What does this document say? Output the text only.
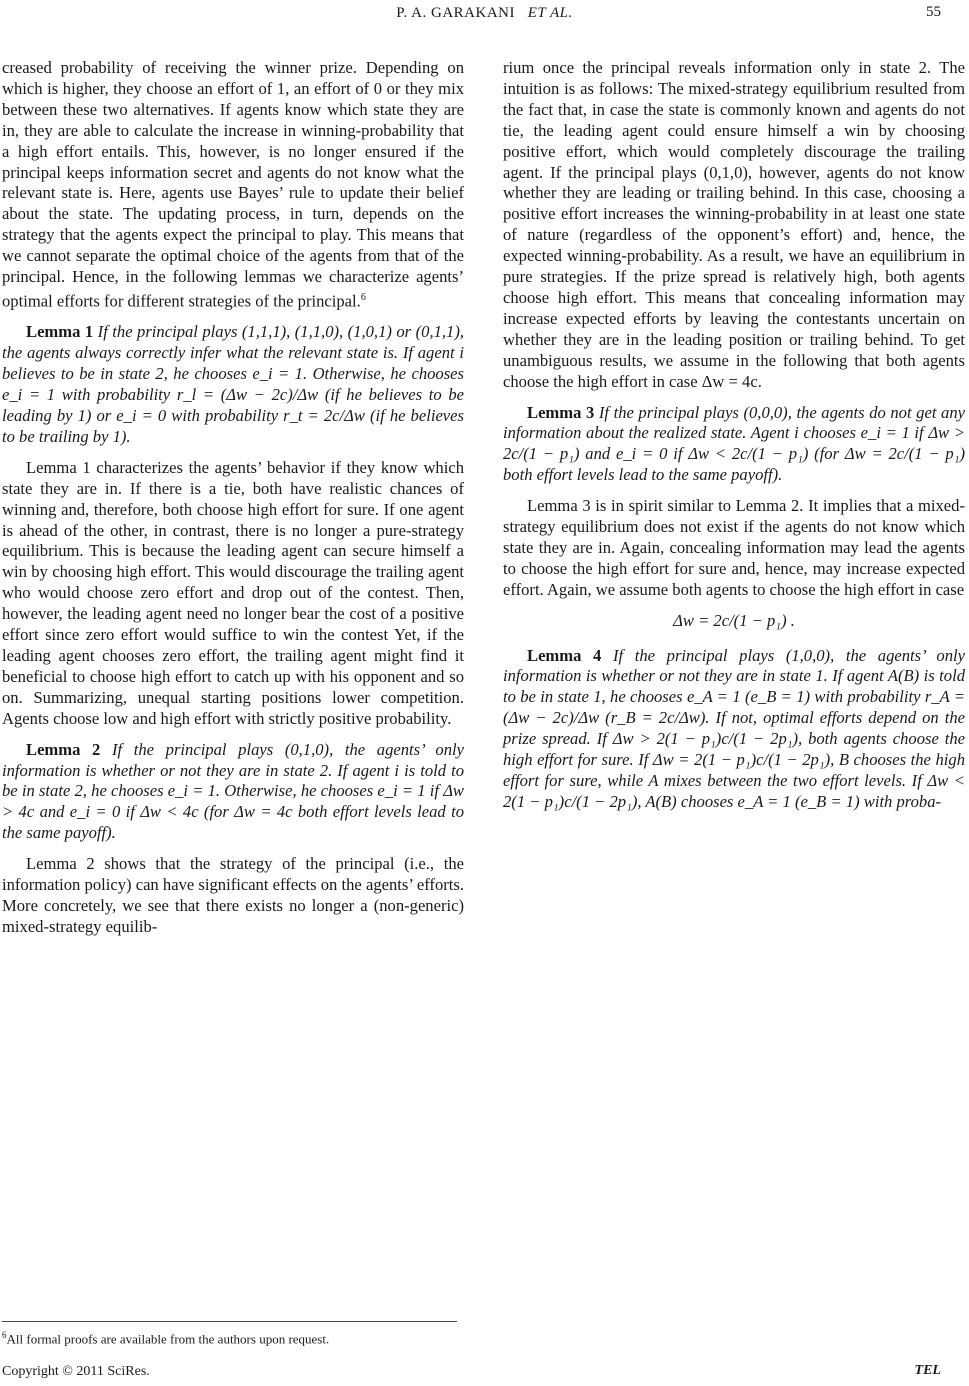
P. A. GARAKANI ET AL.	55

creased probability of receiving the winner prize. Depending on which is higher, they choose an effort of 1, an effort of 0 or they mix between these two alternatives. If agents know which state they are in, they are able to calculate the increase in winning-probability that a high effort entails. This, however, is no longer ensured if the principal keeps information secret and agents do not know what the relevant state is. Here, agents use Bayes’ rule to update their belief about the state. The updating process, in turn, depends on the strategy that the agents expect the principal to play. This means that we cannot separate the optimal choice of the agents from that of the principal. Hence, in the following lemmas we characterize agents’ optimal efforts for different strategies of the principal.$^6$

Lemma 1 If the principal plays (1,1,1), (1,1,0), (1,0,1) or (0,1,1), the agents always correctly infer what the relevant state is. If agent i believes to be in state 2, he chooses e_i = 1. Otherwise, he chooses e_i = 1 with probability r_l = (Δw − 2c)/Δw (if he believes to be leading by 1) or e_i = 0 with probability r_t = 2c/Δw (if he believes to be trailing by 1).

Lemma 1 characterizes the agents’ behavior if they know which state they are in. If there is a tie, both have realistic chances of winning and, therefore, both choose high effort for sure. If one agent is ahead of the other, in contrast, there is no longer a pure-strategy equilibrium. This is because the leading agent can secure himself a win by choosing high effort. This would discourage the trailing agent who would choose zero effort and drop out of the contest. Then, however, the leading agent need no longer bear the cost of a positive effort since zero effort would suffice to win the contest Yet, if the leading agent chooses zero effort, the trailing agent might find it beneficial to choose high effort to catch up with his opponent and so on. Summarizing, unequal starting positions lower competition. Agents choose low and high effort with strictly positive probability.

Lemma 2 If the principal plays (0,1,0), the agents’ only information is whether or not they are in state 2. If agent i is told to be in state 2, he chooses e_i = 1. Otherwise, he chooses e_i = 1 if Δw > 4c and e_i = 0 if Δw < 4c (for Δw = 4c both effort levels lead to the same payoff).

Lemma 2 shows that the strategy of the principal (i.e., the information policy) can have significant effects on the agents’ efforts. More concretely, we see that there exists no longer a (non-generic) mixed-strategy equilib-

rium once the principal reveals information only in state 2. The intuition is as follows: The mixed-strategy equilibrium resulted from the fact that, in case the state is commonly known and agents do not tie, the leading agent could ensure himself a win by choosing positive effort, which would completely discourage the trailing agent. If the principal plays (0,1,0), however, agents do not know whether they are leading or trailing behind. In this case, choosing a positive effort increases the winning-probability in at least one state of nature (regardless of the opponent’s effort) and, hence, the expected winning-probability. As a result, we have an equilibrium in pure strategies. If the prize spread is relatively high, both agents choose high effort. This means that concealing information may increase expected efforts by leaving the contestants uncertain on whether they are in the leading position or trailing behind. To get unambiguous results, we assume in the following that both agents choose the high effort in case Δw = 4c.

Lemma 3 If the principal plays (0,0,0), the agents do not get any information about the realized state. Agent i chooses e_i = 1 if Δw > 2c/(1 − p₁) and e_i = 0 if Δw < 2c/(1 − p₁) (for Δw = 2c/(1 − p₁) both effort levels lead to the same payoff).

Lemma 3 is in spirit similar to Lemma 2. It implies that a mixed-strategy equilibrium does not exist if the agents do not know which state they are in. Again, concealing information may lead the agents to choose the high effort for sure and, hence, may increase expected effort. Again, we assume both agents to choose the high effort in case

Δw = 2c/(1 − p₁) .

Lemma 4 If the principal plays (1,0,0), the agents’ only information is whether or not they are in state 1. If agent A(B) is told to be in state 1, he chooses e_A = 1 (e_B = 1) with probability r_A = (Δw − 2c)/Δw (r_B = 2c/Δw). If not, optimal efforts depend on the prize spread. If Δw > 2(1 − p₁)c/(1 − 2p₁), both agents choose the high effort for sure. If Δw = 2(1 − p₁)c/(1 − 2p₁), B chooses the high effort for sure, while A mixes between the two effort levels. If Δw < 2(1 − p₁)c/(1 − 2p₁), A(B) chooses e_A = 1 (e_B = 1) with proba-

$^6$All formal proofs are available from the authors upon request.
Copyright © 2011 SciRes.	TEL
